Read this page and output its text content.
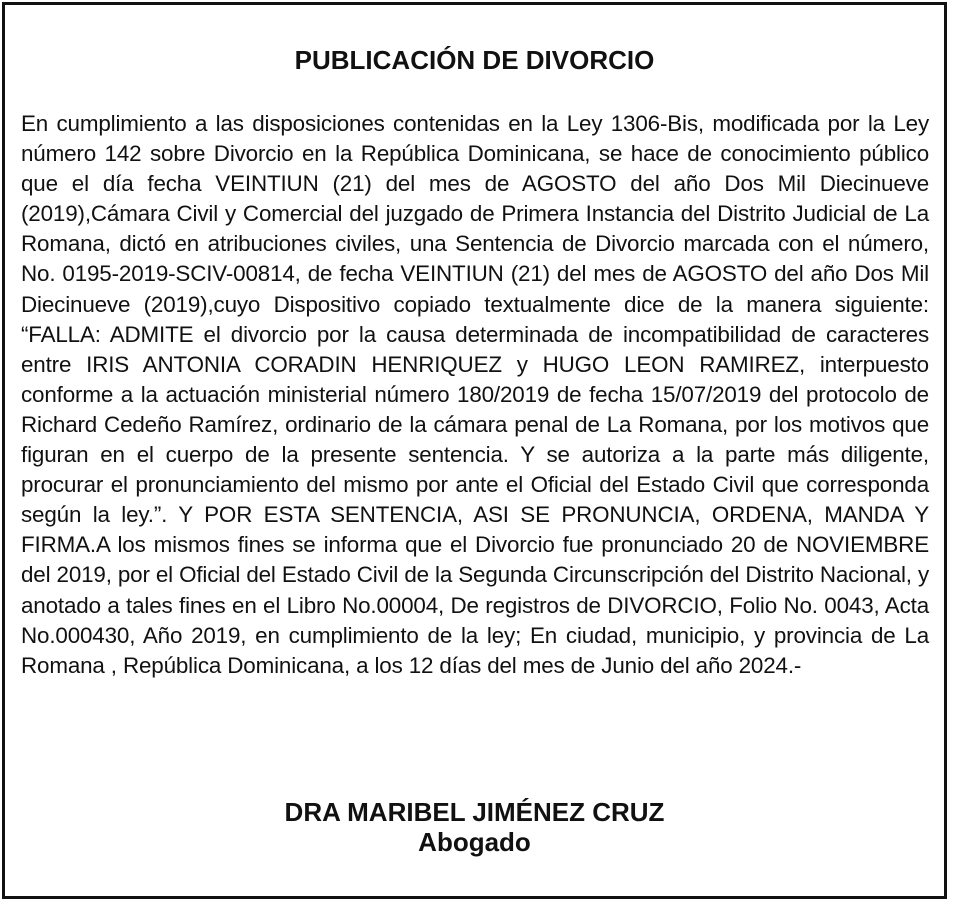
PUBLICACIÓN DE DIVORCIO

En cumplimiento a las disposiciones contenidas en la Ley 1306-Bis, modificada por la Ley número 142 sobre Divorcio en la República Dominicana, se hace de conocimiento público que el día fecha VEINTIUN (21) del mes de AGOSTO del año Dos Mil Diecinueve (2019),Cámara Civil y Comercial del juzgado de Primera Instancia del Distrito Judicial de La Romana, dictó en atribuciones civiles, una Sentencia de Divorcio marcada con el número, No. 0195-2019-SCIV-00814, de fecha VEINTIUN (21) del mes de AGOSTO del año Dos Mil Diecinueve (2019),cuyo Dispositivo copiado textualmente dice de la manera siguiente: “FALLA: ADMITE el divorcio por la causa determinada de incompatibilidad de caracteres entre IRIS ANTONIA CORADIN HENRIQUEZ y HUGO LEON RAMIREZ, interpuesto conforme a la actuación ministerial número 180/2019 de fecha 15/07/2019 del protocolo de Richard Cedeño Ramírez, ordinario de la cámara penal de La Romana, por los motivos que figuran en el cuerpo de la presente sentencia. Y se autoriza a la parte más diligente, procurar el pronunciamiento del mismo por ante el Oficial del Estado Civil que corresponda según la ley.”. Y POR ESTA SENTENCIA, ASI SE PRONUNCIA, ORDENA, MANDA Y FIRMA.A los mismos fines se informa que el Divorcio fue pronunciado 20 de NOVIEMBRE del 2019, por el Oficial del Estado Civil de la Segunda Circunscripción del Distrito Nacional, y anotado a tales fines en el Libro No.00004, De registros de DIVORCIO, Folio No. 0043, Acta No.000430, Año 2019, en cumplimiento de la ley; En ciudad, municipio, y provincia de La Romana , República Dominicana, a los 12 días del mes de Junio del año 2024.-

DRA MARIBEL JIMÉNEZ CRUZ
Abogado
